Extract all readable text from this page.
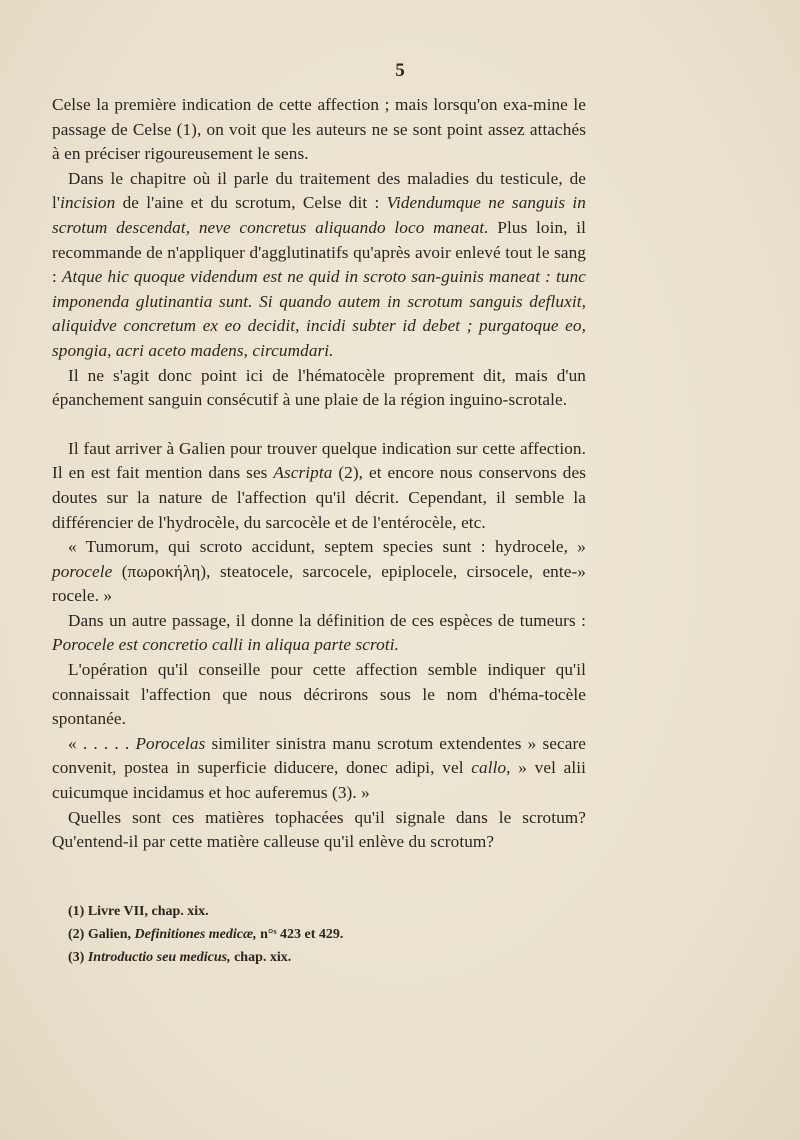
5

Celse la première indication de cette affection ; mais lorsqu'on exa-mine le passage de Celse (1), on voit que les auteurs ne se sont point assez attachés à en préciser rigoureusement le sens.

Dans le chapitre où il parle du traitement des maladies du testicule, de l'incision de l'aine et du scrotum, Celse dit : Videndumque ne sanguis in scrotum descendat, neve concretus aliquando loco maneat. Plus loin, il recommande de n'appliquer d'agglutinatifs qu'après avoir enlevé tout le sang : Atque hic quoque videndum est ne quid in scroto san-guinis maneat : tunc imponenda glutinantia sunt. Si quando autem in scrotum sanguis defluxit, aliquidve concretum ex eo decidit, incidi subter id debet ; purgatoque eo, spongia, acri aceto madens, circumdari.

Il ne s'agit donc point ici de l'hématocèle proprement dit, mais d'un épanchement sanguin consécutif à une plaie de la région inguino-scrotale.

Il faut arriver à Galien pour trouver quelque indication sur cette affection. Il en est fait mention dans ses Ascripta (2), et encore nous conservons des doutes sur la nature de l'affection qu'il décrit. Cependant, il semble la différencier de l'hydrocèle, du sarcocèle et de l'entérocèle, etc.

« Tumorum, qui scroto accidunt, septem species sunt : hydrocele, » porocele (πωροκήλη), steatocele, sarcocele, epiplocele, cirsocele, ente-» rocele. »

Dans un autre passage, il donne la définition de ces espèces de tumeurs : Porocele est concretio calli in aliqua parte scroti.

L'opération qu'il conseille pour cette affection semble indiquer qu'il connaissait l'affection que nous décrirons sous le nom d'héma-tocèle spontanée.

« . . . . . Porocelas similiter sinistra manu scrotum extendentes » secare convenit, postea in superficie diducere, donec adipi, vel callo, » vel alii cuicumque incidamus et hoc auferemus (3). »

Quelles sont ces matières tophacées qu'il signale dans le scrotum? Qu'entend-il par cette matière calleuse qu'il enlève du scrotum?

(1) Livre VII, chap. xix.
(2) Galien, Definitiones medicæ, n°ˢ 423 et 429.
(3) Introductio seu medicus, chap. xix.
